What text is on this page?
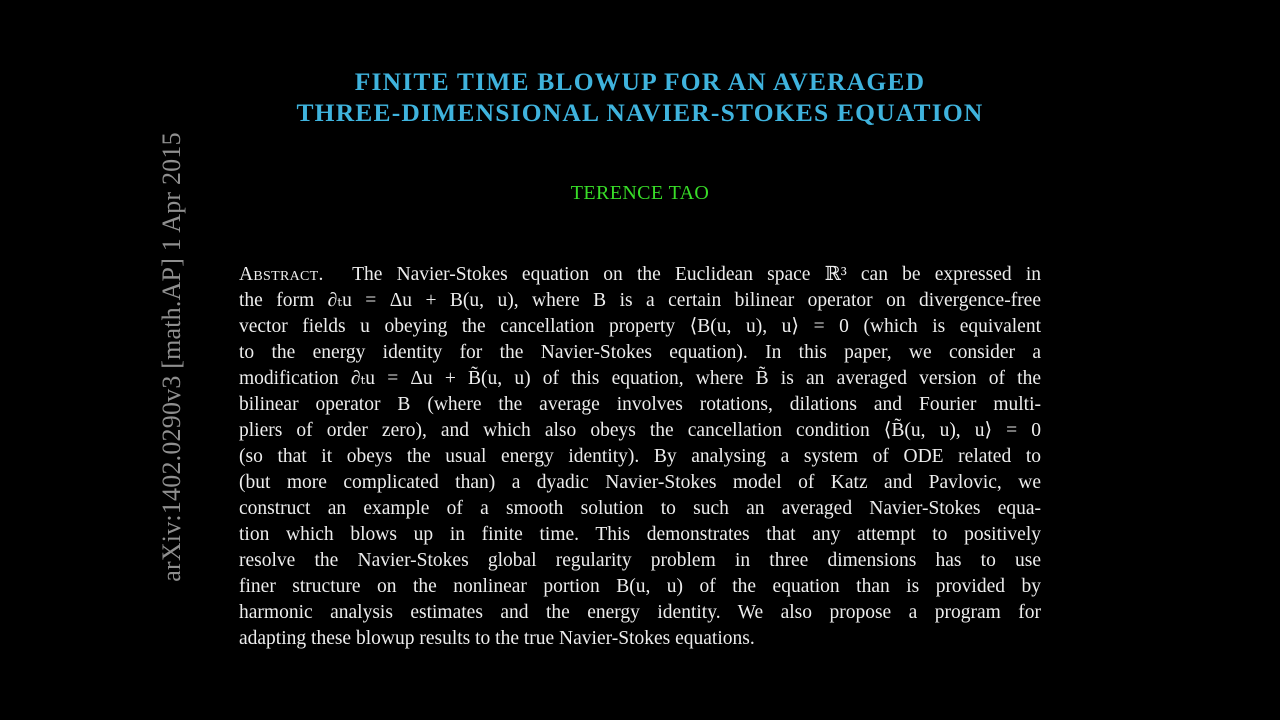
arXiv:1402.0290v3 [math.AP] 1 Apr 2015
FINITE TIME BLOWUP FOR AN AVERAGED
THREE-DIMENSIONAL NAVIER-STOKES EQUATION
TERENCE TAO
Abstract. The Navier-Stokes equation on the Euclidean space ℝ³ can be expressed in
the form ∂ₜu = Δu + B(u, u), where B is a certain bilinear operator on divergence-free
vector fields u obeying the cancellation property ⟨B(u, u), u⟩ = 0 (which is equivalent
to the energy identity for the Navier-Stokes equation). In this paper, we consider a
modification ∂ₜu = Δu + B̃(u, u) of this equation, where B̃ is an averaged version of the
bilinear operator B (where the average involves rotations, dilations and Fourier multi-
pliers of order zero), and which also obeys the cancellation condition ⟨B̃(u, u), u⟩ = 0
(so that it obeys the usual energy identity). By analysing a system of ODE related to
(but more complicated than) a dyadic Navier-Stokes model of Katz and Pavlovic, we
construct an example of a smooth solution to such an averaged Navier-Stokes equa-
tion which blows up in finite time. This demonstrates that any attempt to positively
resolve the Navier-Stokes global regularity problem in three dimensions has to use
finer structure on the nonlinear portion B(u, u) of the equation than is provided by
harmonic analysis estimates and the energy identity. We also propose a program for
adapting these blowup results to the true Navier-Stokes equations.
